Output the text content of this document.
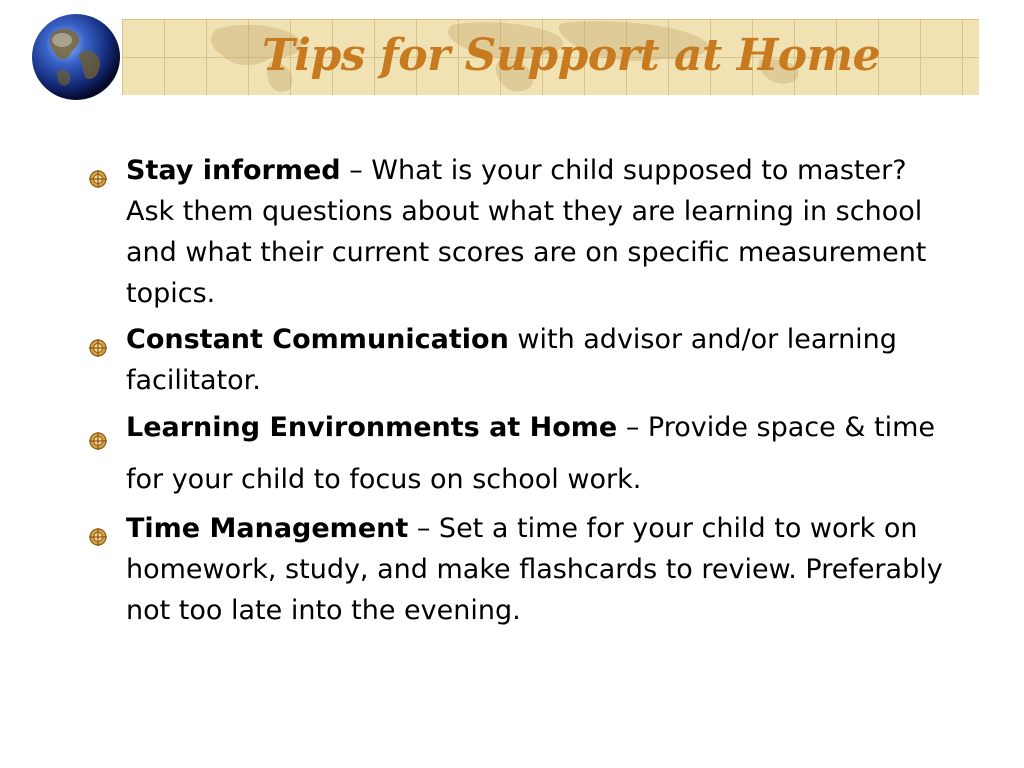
Tips for Support at Home
Stay informed – What is your child supposed to master? Ask them questions about what they are learning in school and what their current scores are on specific measurement topics.
Constant Communication with advisor and/or learning facilitator.
Learning Environments at Home – Provide space & time for your child to focus on school work.
Time Management – Set a time for your child to work on homework, study, and make flashcards to review. Preferably not too late into the evening.
